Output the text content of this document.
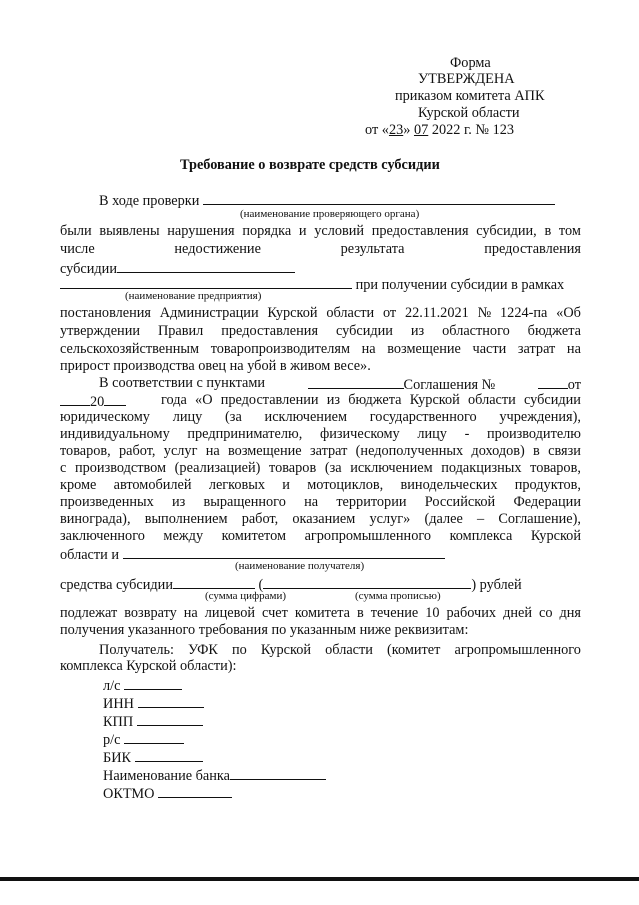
Форма
УТВЕРЖДЕНА
приказом комитета АПК
Курской области
от «23» 07 2022 г. № 123
Требование о возврате средств субсидии
В ходе проверки
(наименование проверяющего органа)
были выявлены нарушения порядка и условий предоставления субсидии, в том
числе	недостижение	результата	предоставления
субсидии
при получении субсидии в рамках
(наименование предприятия)
постановления Администрации Курской области от 22.11.2021 № 1224-па «Об
утверждении Правил предоставления субсидии из областного бюджета
сельскохозяйственным товаропроизводителям на возмещение части затрат на
прирост производства овец на убой в живом весе».
В соответствии с пунктами	Соглашения №	от
20	года «О предоставлении из бюджета Курской области субсидии
юридическому лицу (за исключением государственного учреждения),
индивидуальному предпринимателю, физическому лицу - производителю
товаров, работ, услуг на возмещение затрат (недополученных доходов) в связи
с производством (реализацией) товаров (за исключением подакцизных товаров,
кроме автомобилей легковых и мотоциклов, винодельческих продуктов,
произведенных из выращенного на территории Российской Федерации
винограда), выполнением работ, оказанием услуг» (далее – Соглашение),
заключенного между комитетом агропромышленного комплекса Курской
области и
(наименование получателя)
средства субсидии	(	) рублей
(сумма цифрами)	(сумма прописью)
подлежат возврату на лицевой счет комитета в течение 10 рабочих дней со дня
получения указанного требования по указанным ниже реквизитам:
Получатель: УФК по Курской области (комитет агропромышленного
комплекса Курской области):
л/с
ИНН
КПП
р/с
БИК
Наименование банка
ОКТМО
